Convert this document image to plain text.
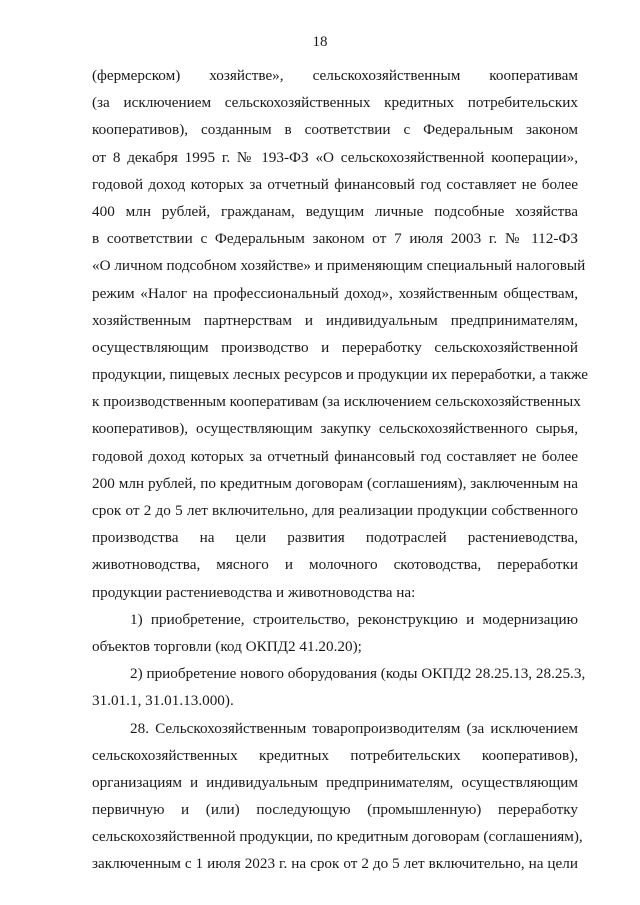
18
(фермерском) хозяйстве», сельскохозяйственным кооперативам
(за исключением сельскохозяйственных кредитных потребительских
кооперативов), созданным в соответствии с Федеральным законом
от 8 декабря 1995 г. № 193-ФЗ «О сельскохозяйственной кооперации»,
годовой доход которых за отчетный финансовый год составляет не более
400 млн рублей, гражданам, ведущим личные подсобные хозяйства
в соответствии с Федеральным законом от 7 июля 2003 г. № 112-ФЗ
«О личном подсобном хозяйстве» и применяющим специальный налоговый
режим «Налог на профессиональный доход», хозяйственным обществам,
хозяйственным партнерствам и индивидуальным предпринимателям,
осуществляющим производство и переработку сельскохозяйственной
продукции, пищевых лесных ресурсов и продукции их переработки, а также
к производственным кооперативам (за исключением сельскохозяйственных
кооперативов), осуществляющим закупку сельскохозяйственного сырья,
годовой доход которых за отчетный финансовый год составляет не более
200 млн рублей, по кредитным договорам (соглашениям), заключенным на
срок от 2 до 5 лет включительно, для реализации продукции собственного
производства на цели развития подотраслей растениеводства,
животноводства, мясного и молочного скотоводства, переработки
продукции растениеводства и животноводства на:
1) приобретение, строительство, реконструкцию и модернизацию
объектов торговли (код ОКПД2 41.20.20);
2) приобретение нового оборудования (коды ОКПД2 28.25.13, 28.25.3,
31.01.1, 31.01.13.000).
28. Сельскохозяйственным товаропроизводителям (за исключением
сельскохозяйственных кредитных потребительских кооперативов),
организациям и индивидуальным предпринимателям, осуществляющим
первичную и (или) последующую (промышленную) переработку
сельскохозяйственной продукции, по кредитным договорам (соглашениям),
заключенным с 1 июля 2023 г. на срок от 2 до 5 лет включительно, на цели
